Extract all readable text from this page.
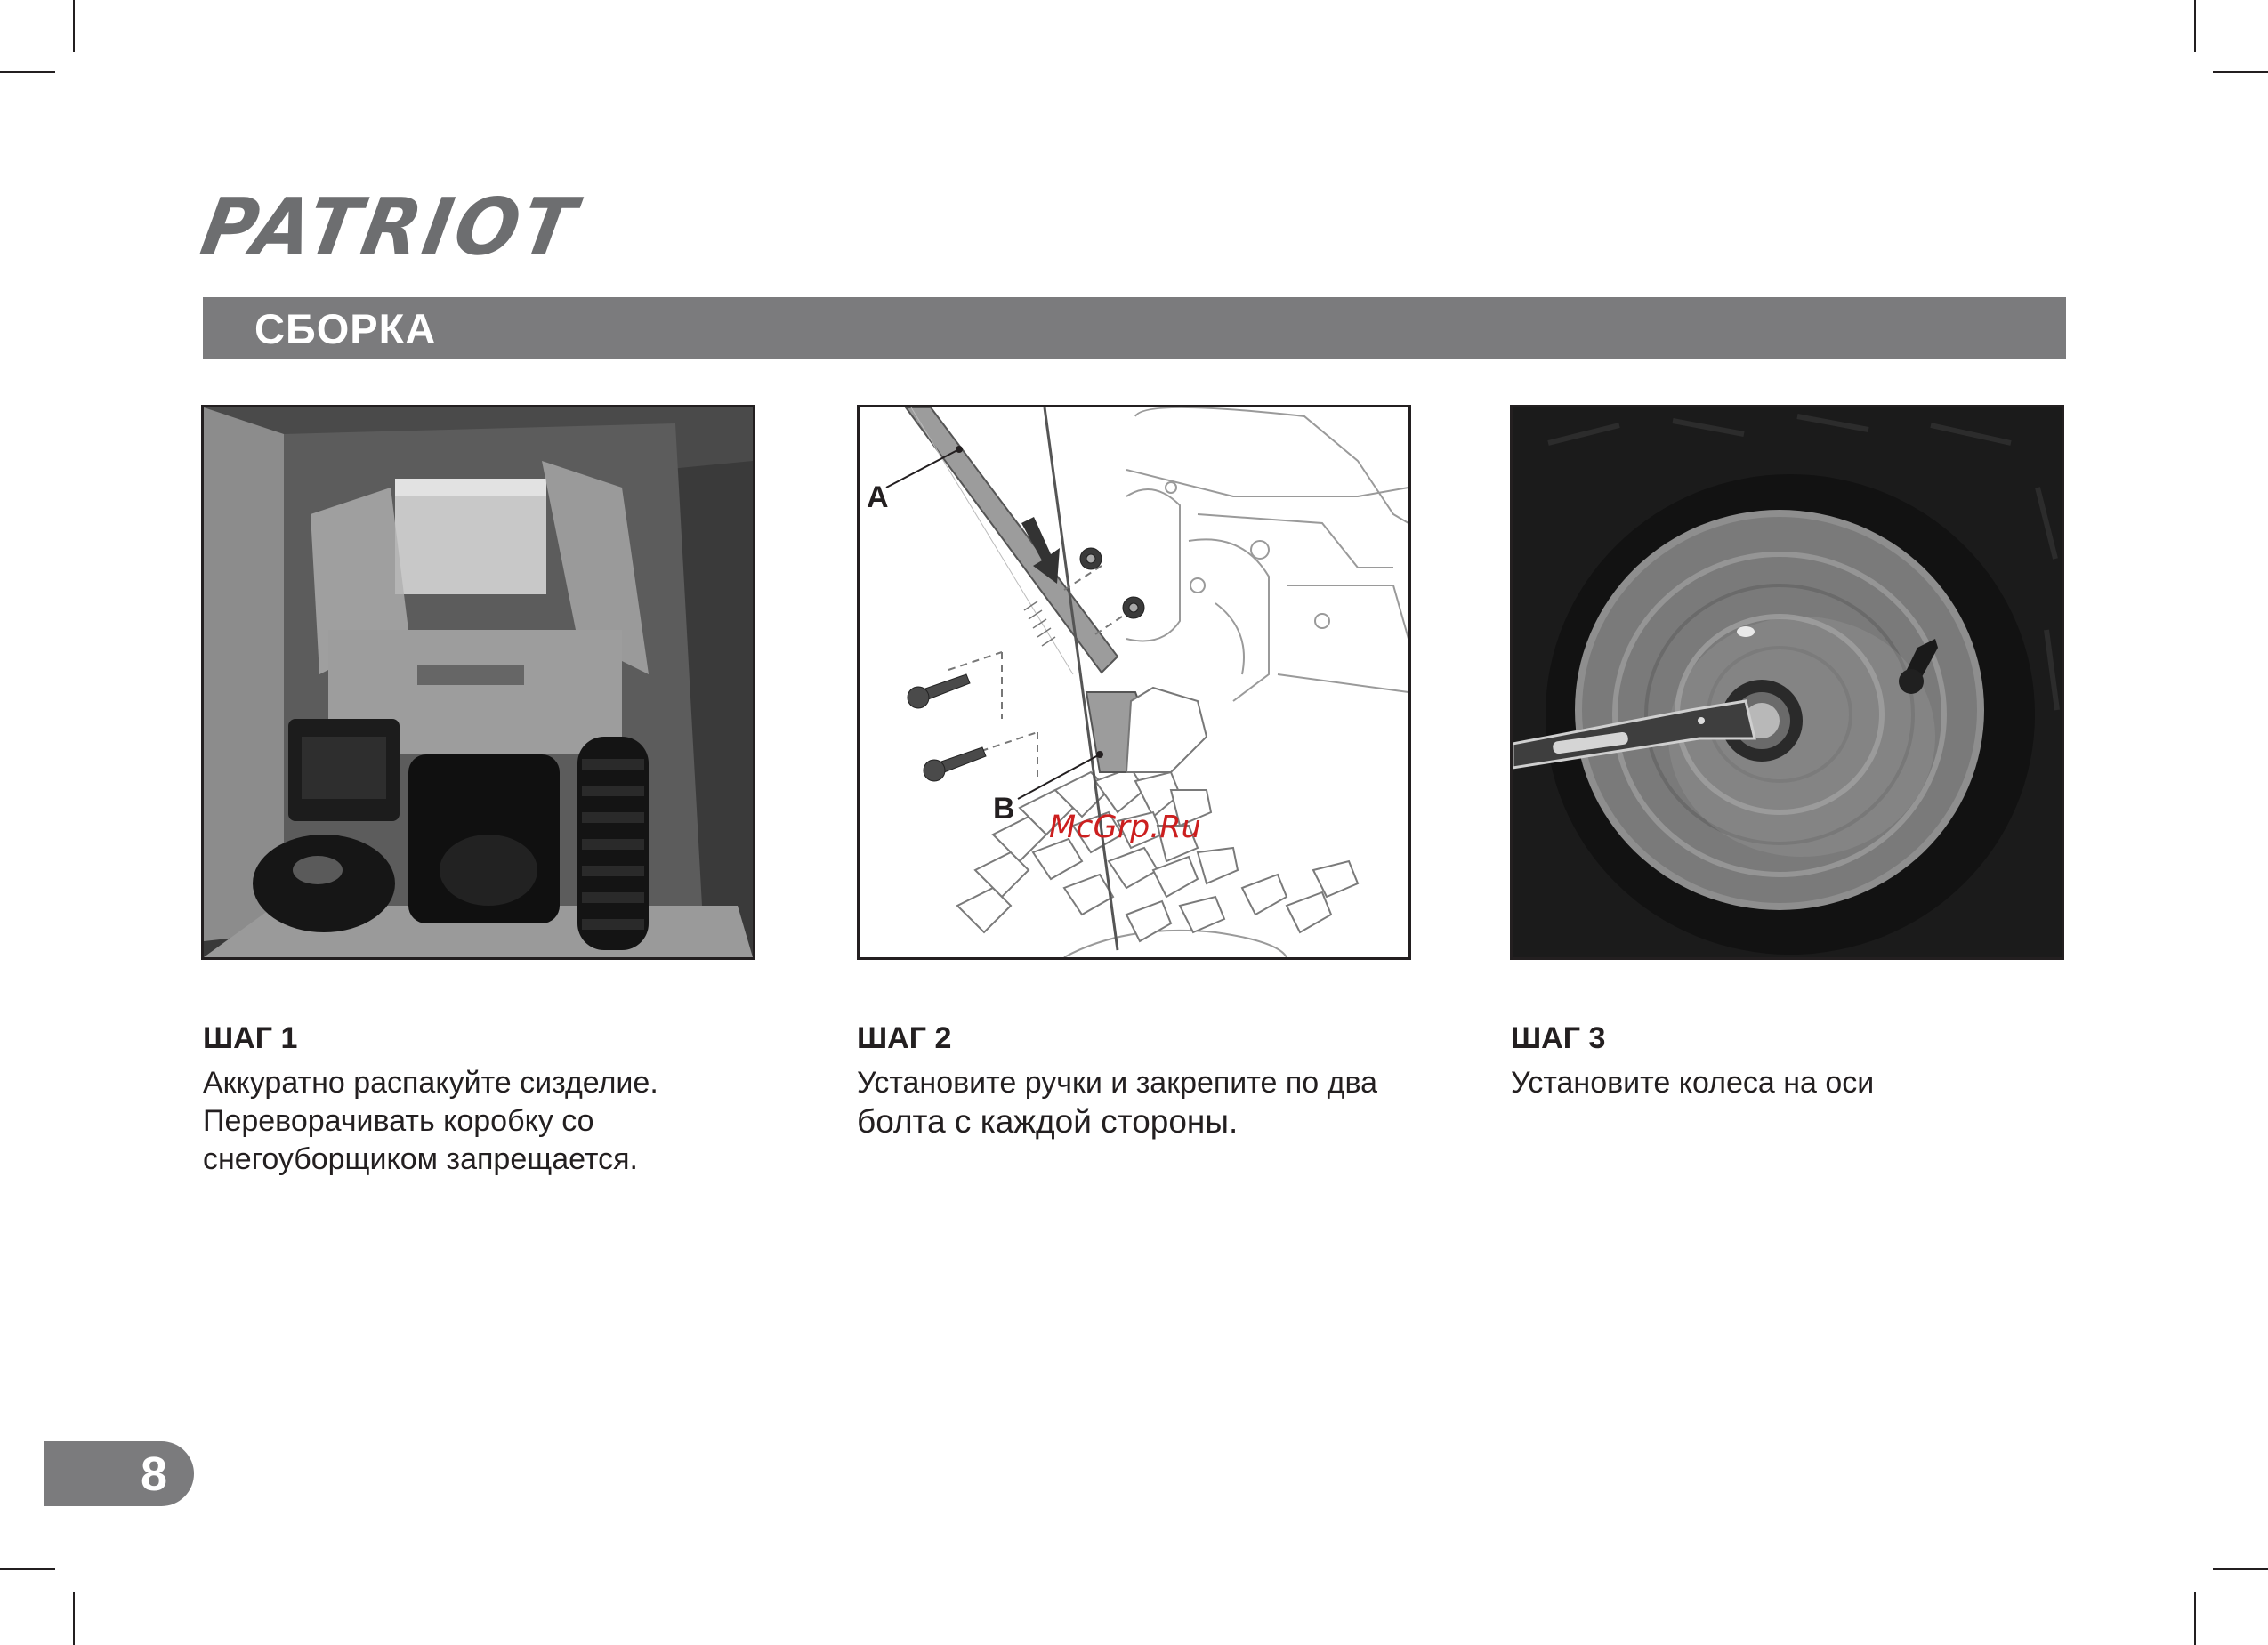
PATRIOT
СБОРКА
A
B
McGrp.Ru
ШАГ 1
Аккуратно распакуйте сизделие.
Переворачивать коробку со
снегоуборщиком запрещается.
ШАГ 2
Установите ручки и закрепите по два
болта с каждой стороны.
ШАГ 3
Установите колеса на оси
8
